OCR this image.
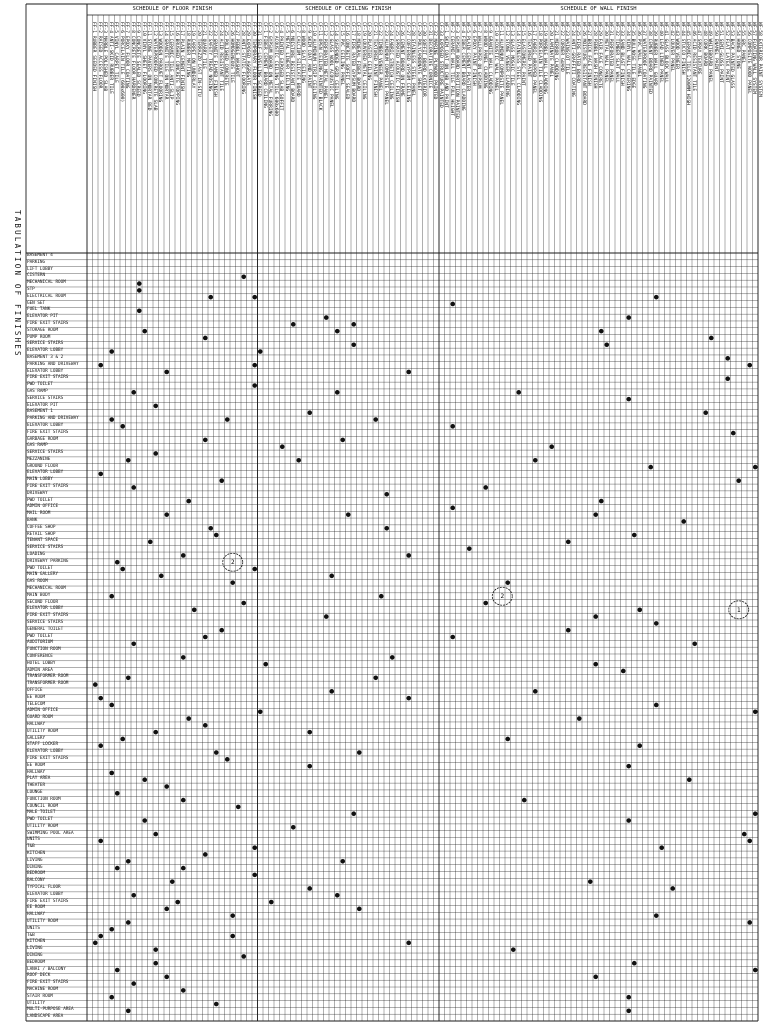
TABULATION OF FINISHES
SCHEDULE OF FLOOR FINISH	SCHEDULE OF CEILING FINISH	SCHEDULE OF WALL FINISH
FF-1 RUBBER SEEDED FINISH FF-2 RAISED ACCESS FLOOR FF-3 MARBLE POLISHED SLAB FF-4 ANTI-SKID RUBBER TILE FF-5 VINYL CARPET TILE FF-6 PORCELAIN TILE (600x600) FF-7 EPOXY FLOOR COATING FF-8 CONCRETE FLOOR HARDENER FF-9 CONCRETE SEALED SCREED FF-10 VINYL SHEET FLOORING FF-11 STONE PAVERS ON MORTAR BED FF-12 WATERPROOFED CONCRETE SLAB FF-13 WOODEN PARQUET FLOORING FF-14 GRANITE TILE ON MORTAR FF-15 CERAMIC TILE ANTI-SLIP FF-16 BRUSHED CONCRETE TOPPING FF-17 PLAIN CEMENT FINISH FF-18 RUBBER MATTING FF-19 CARPET ON UNDERLAY FF-20 TERRAZZO CAST IN-SITU FF-21 QUARRY TILE FF-22 SAFETY TREAD NOSING FF-23 GRANITE FLAMED FINISH FF-24 ACID RESISTANT TILE FF-25 POLISHED CONCRETE FF-26 HOMOGENEOUS TILE FF-27 PEBBLE WASHOUT FF-28 ANTI-STATIC FLOORING FF-29 EXPOSED AGGREGATE FF-30 TEMPORARY FLOOR FINISH FF-31 SELF-LEVELLING SCREED CF-1 FIBER CEMENT BOARD CEILING CF-2 GYPSUM BOARD ON METAL FURRING CF-3 ACOUSTIC CEILING TILE 600x600 CF-4 PAINTED EXPOSED SLAB SOFFIT CF-5 METAL LINEAR CEILING CF-6 MOISTURE RESISTANT BOARD CF-7 CALCIUM SILICATE BOARD CF-8 WOOD SLAT CEILING CF-9 SKIM COAT AND PAINT CF-10 ALUMINUM STRIP CEILING CF-11 OPEN CEILING PAINTED BLACK CF-12 PERFORATED METAL PANEL CF-13 GLASS WOOL ACOUSTIC PANEL CF-14 SUSPENDED GRID CEILING CF-15 PVC CEILING PANEL CF-16 CONCRETE SOFFIT SEALED CF-17 FIRE RATED GYPSUM BOARD CF-18 MINERAL FIBER BOARD CF-19 LOUVERED METAL CEILING CF-20 PLASTER CEILING CF-21 TEXTURED PAINT FINISH CF-22 TIMBER VENEER PANEL CF-23 ALUMINUM COMPOSITE PANEL CF-24 FABRIC STRETCH CEILING CF-25 SPRAYED ACOUSTIC FINISH CF-26 CEMENT BOARD ON FRAME CF-27 COFFERED GYPSUM CEILING CF-28 STAINLESS STEEL PANEL CF-29 POLYCARBONATE SHEET CF-30 SOFFIT BOARD EXTERIOR CF-31 DECORATIVE CORNICE CF-32 MARINE PLYWOOD PAINTED CF-33 EXPOSED STRUCTURE PAINTED WF-1 SKIM COAT ON CHB AND PAINT WF-2 CERAMIC WALL TILE FULL HEIGHT WF-3 GYPSUM BOARD PARTITION PAINTED WF-4 FIBER CEMENT BOARD CLADDING WF-5 PLAIN CEMENT PLASTER WF-6 EPOXY PAINT FINISH WF-7 WALLPAPER ON GYPSUM WF-8 WOOD PANEL CLADDING WF-9 GRANITE WALL CLADDING WF-10 ACOUSTIC WALL PANEL WF-11 ALUMINUM COMPOSITE PANEL WF-12 STONE VENEER CLADDING WF-13 GLASS MOSAIC TILE WF-14 STAINLESS STEEL CLADDING WF-15 ELASTOMERIC PAINT WF-16 TEXTURED PAINT WF-17 FABRIC WRAPPED PANEL WF-18 PORCELAIN TILE CLADDING WF-19 MARBLE WALL CLADDING WF-20 LAMINATE PANEL WF-21 MIRROR CLADDING WF-22 CORNER GUARD WF-23 WAINSCOT TILE WF-24 ANTI-GRAFFITI COATING WF-25 FIRE RATED BOARD WF-26 MOISTURE RESISTANT BOARD WF-27 BRICK FACE FINISH WF-28 PEBBLE WASH FINISH WF-29 FAIR FACE CONCRETE WF-30 METAL WALL PANEL WF-31 PERFORATED PANEL WF-32 TIMBER SLAT WALL WF-33 SAND BLAST FINISH WF-34 VINYL WALL COVERING WF-35 BULLNOSE TILE EDGE WF-36 PVC WALL PANEL WF-37 WATERPROOF COATING WF-38 CEMENT BOARD PAINTED WF-39 RUBBER WALL GUARD WF-40 LEAD LINED PANEL WF-41 GLASS BLOCK WALL WF-42 LOUVER PANEL WF-43 WOOD VENEER WF-44 STUCCO FINISH WF-45 CERAMIC TILE 1200MM HIGH WF-46 ACID RESISTANT TILE WF-47 SPRAY TEXTURE WF-48 CORK BOARD WF-49 WHITEBOARD PANEL WF-50 ENAMEL PAINT WF-51 SEMI-GLOSS PAINT WF-52 FLAT LATEX PAINT WF-53 BACK PAINTED GLASS WF-54 HONED STONE WF-55 GRC PANEL WF-56 COMPOSITE WOOD PANEL WF-57 FLOATING WALL SYSTEM WF-58 EXTERIOR PAINT SYSTEM
BASEMENT 4
PARKING
LIFT LOBBY
CISTERN
MECHANICAL ROOM
STP
ELECTRICAL ROOM
GEN SET
FUEL TANK
ELEVATOR PIT
FIRE EXIT STAIRS
STORAGE ROOM
PUMP ROOM
SERVICE STAIRS
ELEVATOR LOBBY
BASEMENT 3 & 2
PARKING AND DRIVEWAY
ELEVATOR LOBBY
FIRE EXIT STAIRS
PWD TOILET
GAS RAMP
SERVICE STAIRS
ELEVATOR PIT
BASEMENT 1
PARKING AND DRIVEWAY
ELEVATOR LOBBY
FIRE EXIT STAIRS
GARBAGE ROOM
GAS RAMP
SERVICE STAIRS
MEZZANINE
GROUND FLOOR
ELEVATOR LOBBY
MAIN LOBBY
FIRE EXIT STAIRS
DRIVEWAY
PWD TOILET
ADMIN OFFICE
MAIL ROOM
BANK
COFFEE SHOP
RETAIL SHOP
TENANT SPACE
SERVICE STAIRS
LOADING
DRIVEWAY PARKING
PWD TOILET
MAIN GALLERY
GAS ROOM
MECHANICAL ROOM
MAIN BODY
SECOND FLOOR
ELEVATOR LOBBY
FIRE EXIT STAIRS
SERVICE STAIRS
GENERAL TOILET
PWD TOILET
AUDITORIUM
FUNCTION ROOM
CONFERENCE
HOTEL LOBBY
ADMIN AREA
TRANSFORMER ROOM
TRANSFORMER ROOM
OFFICE
EE ROOM
TELECOM
ADMIN OFFICE
GUARD ROOM
HALLWAY
UTILITY ROOM
GALLERY
STAFF LOCKER
ELEVATOR LOBBY
FIRE EXIT STAIRS
EE ROOM
HALLWAY
PLAY AREA
THEATER
LOUNGE
FUNCTION ROOM
COUNCIL ROOM
MALE TOILET
PWD TOILET
UTILITY ROOM
SWIMMING POOL AREA
UNITS
T&B
KITCHEN
LIVING
DINING
BEDROOM
BALCONY
TYPICAL FLOOR
ELEVATOR LOBBY
FIRE EXIT STAIRS
EE ROOM
HALLWAY
UTILITY ROOM
UNITS
T&B
KITCHEN
LIVING
DINING
BEDROOM
LANAI / BALCONY
ROOF DECK
FIRE EXIT STAIRS
MACHINE ROOM
STAIR ROOM
UTILITY
MULTI-PURPOSE AREA
LANDSCAPE AREA
2
2
1
